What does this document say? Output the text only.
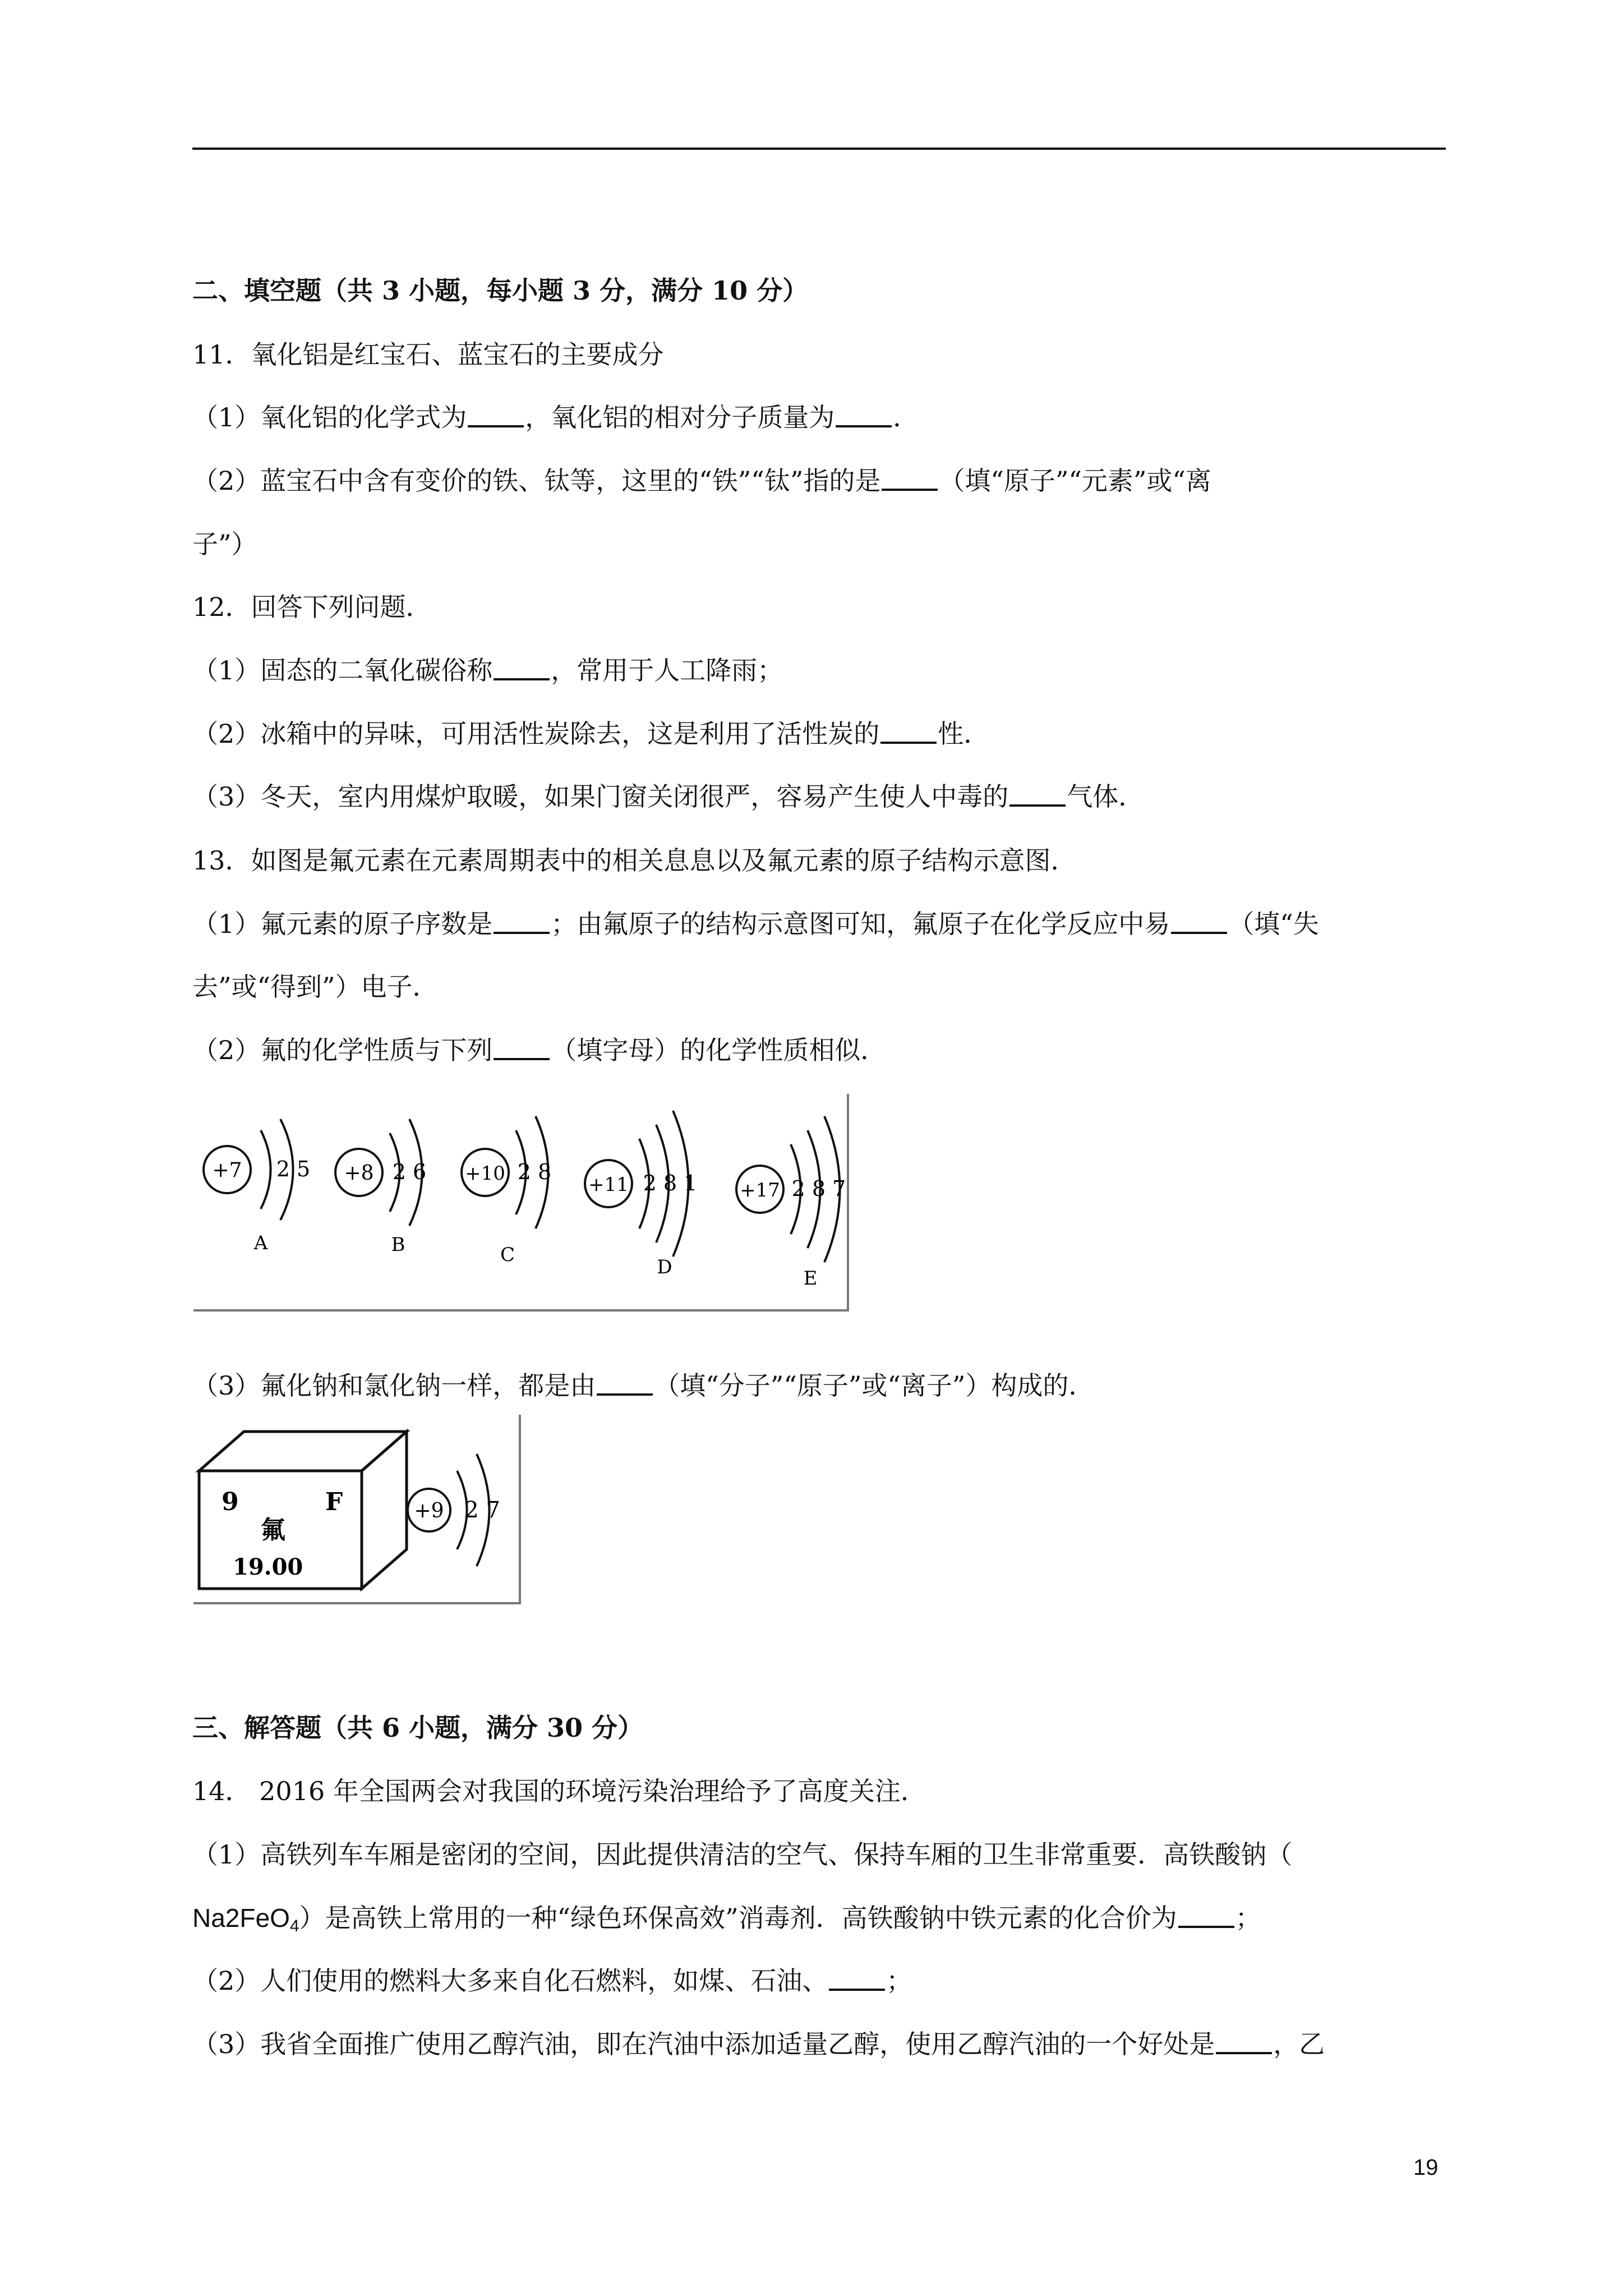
二、填空题（共 3 小题，每小题 3 分，满分 10 分）
11．氧化铝是红宝石、蓝宝石的主要成分
（1）氧化铝的化学式为 ，氧化铝的相对分子质量为 ．
（2）蓝宝石中含有变价的铁、钛等，这里的“铁”“钛”指的是 （填“原子”“元素”或“离
子”）
12．回答下列问题．
（1）固态的二氧化碳俗称 ，常用于人工降雨；
（2）冰箱中的异味，可用活性炭除去，这是利用了活性炭的 性．
（3）冬天，室内用煤炉取暖，如果门窗关闭很严，容易产生使人中毒的 气体．
13．如图是氟元素在元素周期表中的相关息息以及氟元素的原子结构示意图．
（1）氟元素的原子序数是 ；由氟原子的结构示意图可知，氟原子在化学反应中易 （填“失
去”或“得到”）电子．
（2）氟的化学性质与下列 （填字母）的化学性质相似．
+7 2 5
A
+8 2 6
B
+10 2 8
C
+11 2 8 1
D
+17 2 8 7
E
（3）氟化钠和氯化钠一样，都是由 （填“分子”“原子”或“离子”）构成的．
9	F
氟
19.00
+9 2 7
三、解答题（共 6 小题，满分 30 分）
14． 2016 年全国两会对我国的环境污染治理给予了高度关注．
（1）高铁列车车厢是密闭的空间，因此提供清洁的空气、保持车厢的卫生非常重要．高铁酸钠（
Na2FeO$_4$）是高铁上常用的一种“绿色环保高效”消毒剂．高铁酸钠中铁元素的化合价为 ；
（2）人们使用的燃料大多来自化石燃料，如煤、石油、 ；
（3）我省全面推广使用乙醇汽油，即在汽油中添加适量乙醇，使用乙醇汽油的一个好处是 ，乙
19
